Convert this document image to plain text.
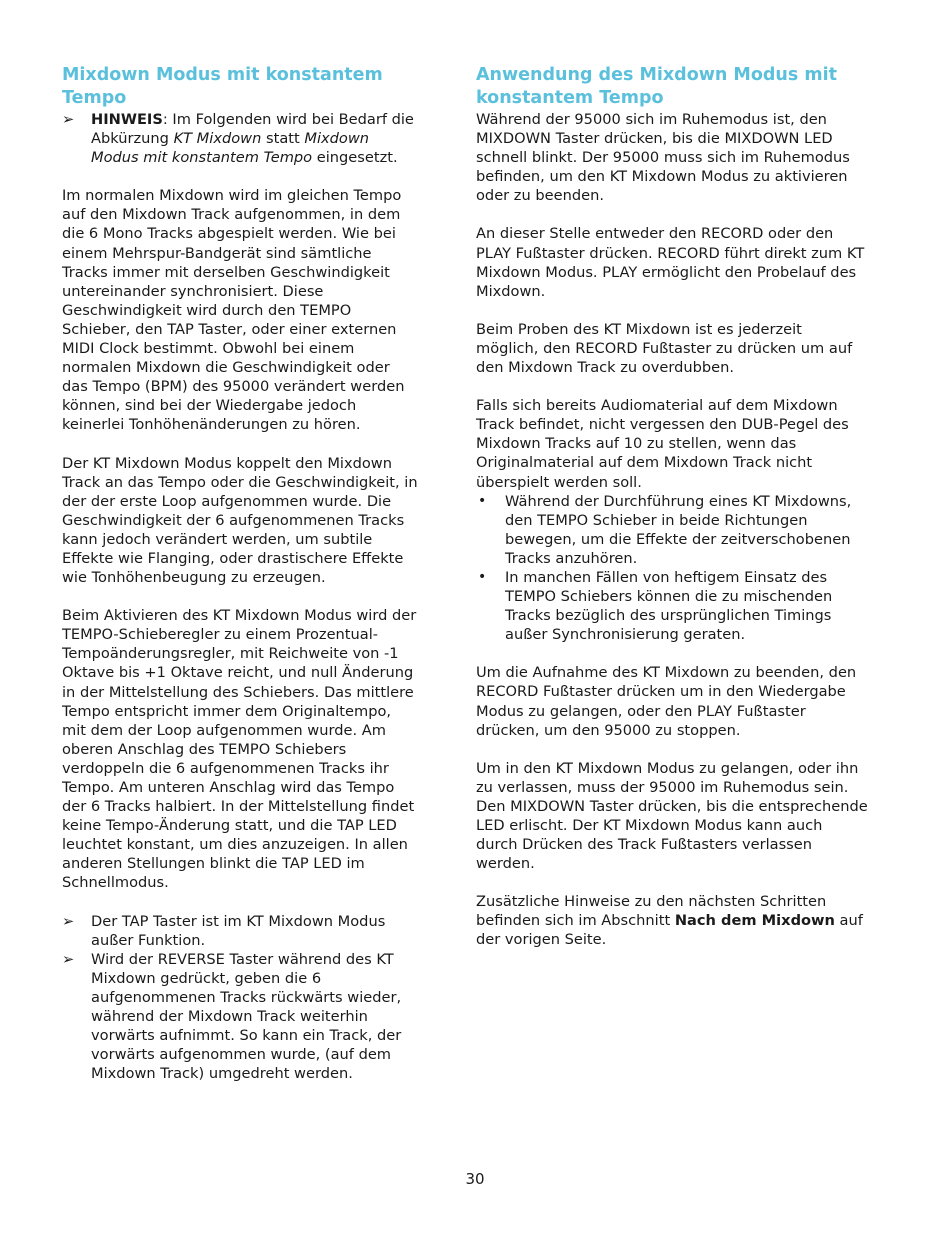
Mixdown Modus mit konstantem Tempo
➢	HINWEIS: Im Folgenden wird bei Bedarf die Abkürzung KT Mixdown statt Mixdown Modus mit konstantem Tempo eingesetzt.

Im normalen Mixdown wird im gleichen Tempo auf den Mixdown Track aufgenommen, in dem die 6 Mono Tracks abgespielt werden. Wie bei einem Mehrspur-Bandgerät sind sämtliche Tracks immer mit derselben Geschwindigkeit untereinander synchronisiert. Diese Geschwindigkeit wird durch den TEMPO Schieber, den TAP Taster, oder einer externen MIDI Clock bestimmt. Obwohl bei einem normalen Mixdown die Geschwindigkeit oder das Tempo (BPM) des 95000 verändert werden können, sind bei der Wiedergabe jedoch keinerlei Tonhöhenänderungen zu hören.

Der KT Mixdown Modus koppelt den Mixdown Track an das Tempo oder die Geschwindigkeit, in der der erste Loop aufgenommen wurde. Die Geschwindigkeit der 6 aufgenommenen Tracks kann jedoch verändert werden, um subtile Effekte wie Flanging, oder drastischere Effekte wie Tonhöhenbeugung zu erzeugen.

Beim Aktivieren des KT Mixdown Modus wird der TEMPO-Schieberegler zu einem Prozentual-Tempoänderungsregler, mit Reichweite von -1 Oktave bis +1 Oktave reicht, und null Änderung in der Mittelstellung des Schiebers. Das mittlere Tempo entspricht immer dem Originaltempo, mit dem der Loop aufgenommen wurde. Am oberen Anschlag des TEMPO Schiebers verdoppeln die 6 aufgenommenen Tracks ihr Tempo. Am unteren Anschlag wird das Tempo der 6 Tracks halbiert. In der Mittelstellung findet keine Tempo-Änderung statt, und die TAP LED leuchtet konstant, um dies anzuzeigen. In allen anderen Stellungen blinkt die TAP LED im Schnellmodus.

➢	Der TAP Taster ist im KT Mixdown Modus außer Funktion.
➢	Wird der REVERSE Taster während des KT Mixdown gedrückt, geben die 6 aufgenommenen Tracks rückwärts wieder, während der Mixdown Track weiterhin vorwärts aufnimmt. So kann ein Track, der vorwärts aufgenommen wurde, (auf dem Mixdown Track) umgedreht werden.
Anwendung des Mixdown Modus mit konstantem Tempo

Während der 95000 sich im Ruhemodus ist, den MIXDOWN Taster drücken, bis die MIXDOWN LED schnell blinkt. Der 95000 muss sich im Ruhemodus befinden, um den KT Mixdown Modus zu aktivieren oder zu beenden.

An dieser Stelle entweder den RECORD oder den PLAY Fußtaster drücken. RECORD führt direkt zum KT Mixdown Modus. PLAY ermöglicht den Probelauf des Mixdown.

Beim Proben des KT Mixdown ist es jederzeit möglich, den RECORD Fußtaster zu drücken um auf den Mixdown Track zu overdubben.

Falls sich bereits Audiomaterial auf dem Mixdown Track befindet, nicht vergessen den DUB-Pegel des Mixdown Tracks auf 10 zu stellen, wenn das Originalmaterial auf dem Mixdown Track nicht überspielt werden soll.

•	Während der Durchführung eines KT Mixdowns, den TEMPO Schieber in beide Richtungen bewegen, um die Effekte der zeitverschobenen Tracks anzuhören.
•	In manchen Fällen von heftigem Einsatz des TEMPO Schiebers können die zu mischenden Tracks bezüglich des ursprünglichen Timings außer Synchronisierung geraten.

Um die Aufnahme des KT Mixdown zu beenden, den RECORD Fußtaster drücken um in den Wiedergabe Modus zu gelangen, oder den PLAY Fußtaster drücken, um den 95000 zu stoppen.

Um in den KT Mixdown Modus zu gelangen, oder ihn zu verlassen, muss der 95000 im Ruhemodus sein. Den MIXDOWN Taster drücken, bis die entsprechende LED erlischt. Der KT Mixdown Modus kann auch durch Drücken des Track Fußtasters verlassen werden.

Zusätzliche Hinweise zu den nächsten Schritten befinden sich im Abschnitt Nach dem Mixdown auf der vorigen Seite.

30
